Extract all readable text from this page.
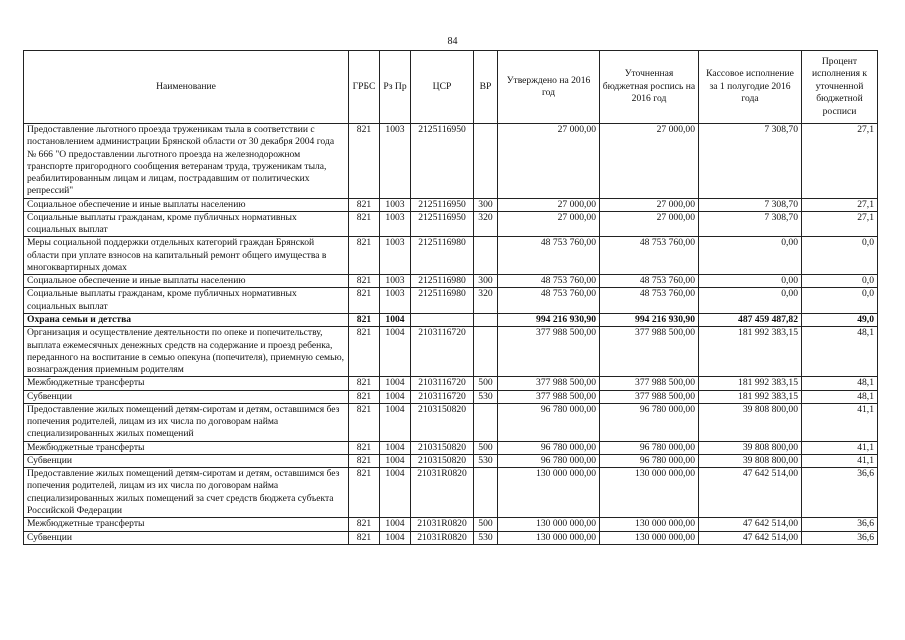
84
Наименование	ГРБС	Рз Пр	ЦСР	ВР	Утверждено на 2016 год	Уточненная бюджетная роспись на 2016 год	Кассовое исполнение за 1 полугодие 2016 года	Процент исполнения к уточненной бюджетной росписи
Предоставление льготного проезда труженикам тыла в соответствии с постановлением администрации Брянской области от 30 декабря 2004 года № 666 "О предоставлении льготного проезда на железнодорожном транспорте пригородного сообщения ветеранам труда, труженикам тыла, реабилитированным лицам и лицам, пострадавшим от политических репрессий"	821	1003	2125116950		27 000,00	27 000,00	7 308,70	27,1
Социальное обеспечение и иные выплаты населению	821	1003	2125116950	300	27 000,00	27 000,00	7 308,70	27,1
Социальные выплаты гражданам, кроме публичных нормативных социальных выплат	821	1003	2125116950	320	27 000,00	27 000,00	7 308,70	27,1
Меры социальной поддержки отдельных категорий граждан Брянской области при уплате взносов на капитальный ремонт общего имущества в многоквартирных домах	821	1003	2125116980		48 753 760,00	48 753 760,00	0,00	0,0
Социальное обеспечение и иные выплаты населению	821	1003	2125116980	300	48 753 760,00	48 753 760,00	0,00	0,0
Социальные выплаты гражданам, кроме публичных нормативных социальных выплат	821	1003	2125116980	320	48 753 760,00	48 753 760,00	0,00	0,0
Охрана семьи и детства	821	1004			994 216 930,90	994 216 930,90	487 459 487,82	49,0
Организация и осуществление деятельности по опеке и попечительству, выплата ежемесячных денежных средств на содержание и проезд ребенка, переданного на воспитание в семью опекуна (попечителя), приемную семью, вознаграждения приемным родителям	821	1004	2103116720		377 988 500,00	377 988 500,00	181 992 383,15	48,1
Межбюджетные трансферты	821	1004	2103116720	500	377 988 500,00	377 988 500,00	181 992 383,15	48,1
Субвенции	821	1004	2103116720	530	377 988 500,00	377 988 500,00	181 992 383,15	48,1
Предоставление жилых помещений детям-сиротам и детям, оставшимся без попечения родителей, лицам из их числа по договорам найма специализированных жилых помещений	821	1004	2103150820		96 780 000,00	96 780 000,00	39 808 800,00	41,1
Межбюджетные трансферты	821	1004	2103150820	500	96 780 000,00	96 780 000,00	39 808 800,00	41,1
Субвенции	821	1004	2103150820	530	96 780 000,00	96 780 000,00	39 808 800,00	41,1
Предоставление жилых помещений детям-сиротам и детям, оставшимся без попечения родителей, лицам из их числа по договорам найма специализированных жилых помещений за счет средств бюджета субъекта Российской Федерации	821	1004	21031R0820		130 000 000,00	130 000 000,00	47 642 514,00	36,6
Межбюджетные трансферты	821	1004	21031R0820	500	130 000 000,00	130 000 000,00	47 642 514,00	36,6
Субвенции	821	1004	21031R0820	530	130 000 000,00	130 000 000,00	47 642 514,00	36,6
